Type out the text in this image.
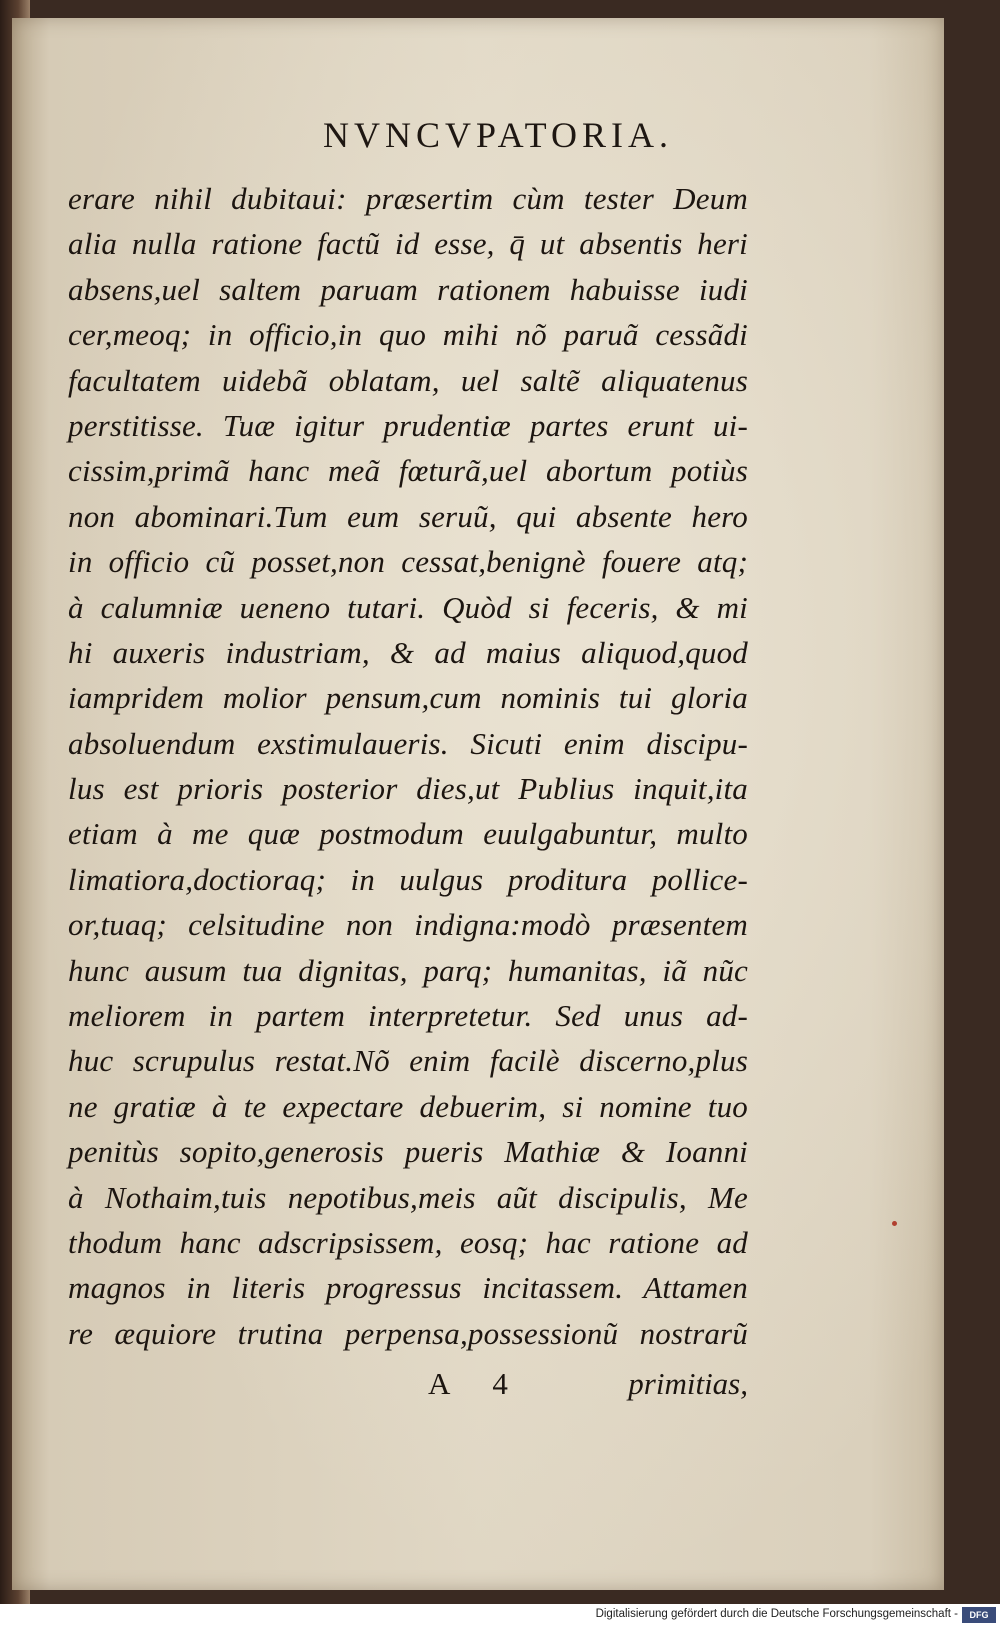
NVNCVPATORIA.
erare nihil dubitaui: præsertim cùm tester Deum
alia nulla ratione factũ id esse, q̄ ut absentis heri
absens,uel saltem paruam rationem habuisse iudi
cer,meoq; in officio,in quo mihi nõ paruã cessãdi
facultatem uidebã oblatam, uel saltẽ aliquatenus
perstitisse. Tuæ igitur prudentiæ partes erunt ui-
cissim,primã hanc meã fœturã,uel abortum potiùs
non abominari.Tum eum seruũ, qui absente hero
in officio cũ posset,non cessat,benignè fouere atq;
à calumniæ ueneno tutari. Quòd si feceris, & mi
hi auxeris industriam, & ad maius aliquod,quod
iampridem molior pensum,cum nominis tui gloria
absoluendum exstimulaueris. Sicuti enim discipu-
lus est prioris posterior dies,ut Publius inquit,ita
etiam à me quæ postmodum euulgabuntur, multo
limatiora,doctioraq; in uulgus proditura pollice-
or,tuaq; celsitudine non indigna:modò præsentem
hunc ausum tua dignitas, parq; humanitas, iã nũc
meliorem in partem interpretetur. Sed unus ad-
huc scrupulus restat.Nõ enim facilè discerno,plus
ne gratiæ à te expectare debuerim, si nomine tuo
penitùs sopito,generosis pueris Mathiæ & Ioanni
à Nothaim,tuis nepotibus,meis aũt discipulis, Me
thodum hanc adscripsissem, eosq; hac ratione ad
magnos in literis progressus incitassem. Attamen
re æquiore trutina perpensa,possessionũ nostrarũ
A 4	primitias,
Digitalisierung gefördert durch die Deutsche Forschungsgemeinschaft -	DFG
